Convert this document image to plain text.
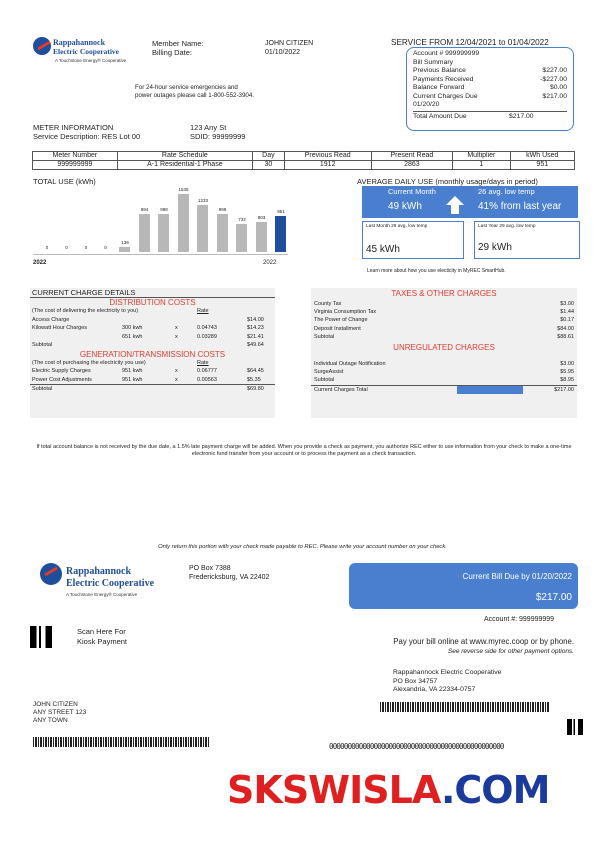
Rappahannock
Electric Cooperative
A Touchstone Energy® Cooperative
Member Name:
Billing Date:
JOHN CITIZEN
01/10/2022
For 24-hour service emergencies and
power outages please call 1-800-552-3904.
SERVICE FROM 12/04/2021 to 01/04/2022
Account # 999999999
Bill Summary
Previous Balance	$227.00
Payments Received	-$227.00
Balance Forward	$0.00
Current Charges Due 01/20/20
$217.00
Total Amount Due	$217.00
METER INFORMATION
Service Description: RES Lot 00
123 Any St
SDID: 99999999
Meter Number	Rate Schedule	Day	Previous Read	Present Read	Multiplier	kWh Used
999999999	A-1 Residential-1 Phase	30	1912	2863	1	951
TOTAL USE (kWh)
0	0	0	0
139
994	998
1535
1233
999
732
803
951
2022	2022
AVERAGE DAILY USE (monthly usage/days in period)
Current Month
49 kWh
26 avg. low temp
41% from last year
Last Month 29 avg. low temp
45 kWh
Last Year 29 avg. low temp
29 kWh
Learn more about how you use electicity in MyREC SmartHub.
CURRENT CHARGE DETAILS
DISTRIBUTION COSTS
(The cost of delivering the electricity to you)	Rate
Access Charge	$14.00
Kilowatt Hour Charges	300 kwh	x	0.04743	$14.23
651 kwh	x	0.03289	$21.41
Subtotal	$49.64
GENERATION/TRANSMISSION COSTS
(The cost of purchasing the electricity you use)	Rate
Electric Supply Charges	951 kwh	x	0.06777	$64.45
Power Cost Adjustments	951 kwh	x	0.00563	$5.35
Subtotal	$69.80
TAXES & OTHER CHARGES
County Tax	$3.00
Virginia Consumption Tax	$1.44
The Power of Change	$0.17
Deposit Installment	$84.00
Subtotal	$88.61
UNREGULATED CHARGES
Individual Outage Notification	$3.00
SurgeAssist	$5.95
Subtotal	$8.95
Current Charges Total	$217.00
If total account balance is not received by the due date, a 1.5% late payment charge will be added. When you provide a check as payment, you authorize REC either to use information from your check to make a one-time electronic fund transfer from your account or to process the payment as a check transaction.
Only return this portion with your check made payable to REC. Please write your account number on your check.
Rappahannock
Electric Cooperative
A Touchstone Energy® Cooperative
PO Box 7388
Fredericksburg, VA 22402	Current Bill Due by 01/20/2022
$217.00
Account #: 999999999
Scan Here For
Kiosk Payment	Pay your bill online at www.myrec.coop or by phone.
See reverse side for other payment options.
Rappahannock Electric Cooperative
PO Box 34757
Alexandria, VA 22334-0757
JOHN CITIZEN
ANY STREET 123
ANY TOWN
00000000000000000000000000000000000000000000000
SKSWISLA.COM
